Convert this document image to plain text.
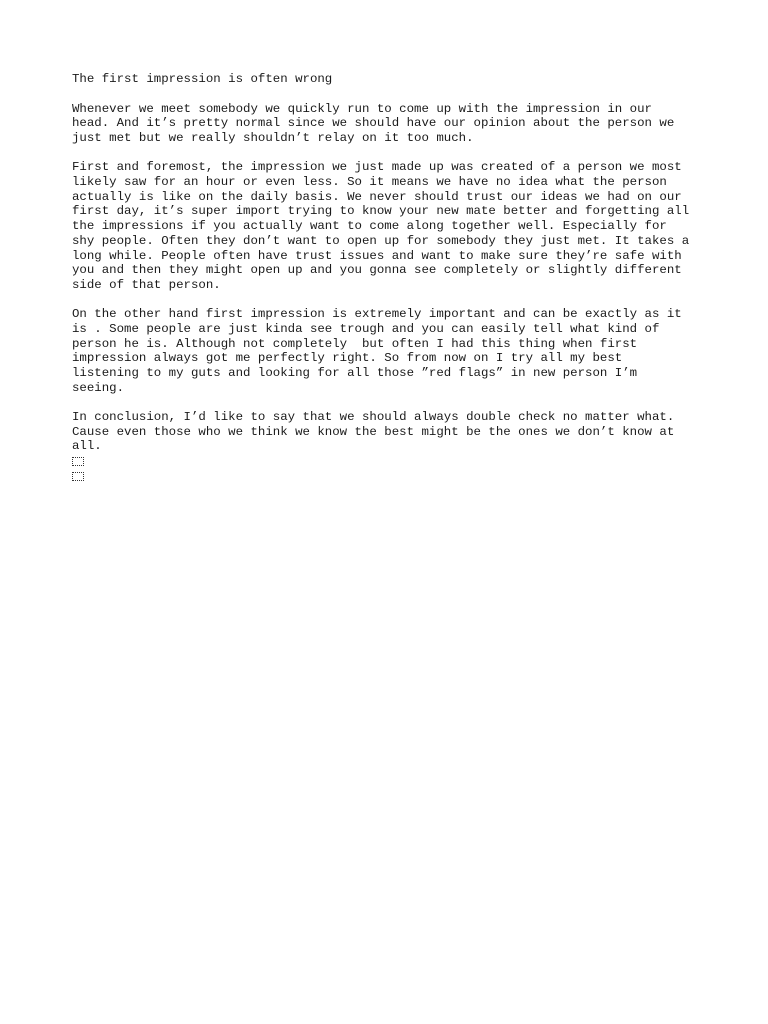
The first impression is often wrong
Whenever we meet somebody we quickly run to come up with the impression in our
head. And it’s pretty normal since we should have our opinion about the person we
just met but we really shouldn’t relay on it too much.
First and foremost, the impression we just made up was created of a person we most
likely saw for an hour or even less. So it means we have no idea what the person
actually is like on the daily basis. We never should trust our ideas we had on our
first day, it’s super import trying to know your new mate better and forgetting all
the impressions if you actually want to come along together well. Especially for
shy people. Often they don’t want to open up for somebody they just met. It takes a
long while. People often have trust issues and want to make sure they’re safe with
you and then they might open up and you gonna see completely or slightly different
side of that person.
On the other hand first impression is extremely important and can be exactly as it
is . Some people are just kinda see trough and you can easily tell what kind of
person he is. Although not completely  but often I had this thing when first
impression always got me perfectly right. So from now on I try all my best
listening to my guts and looking for all those ”red flags” in new person I’m
seeing.
In conclusion, I’d like to say that we should always double check no matter what.
Cause even those who we think we know the best might be the ones we don’t know at
all.
